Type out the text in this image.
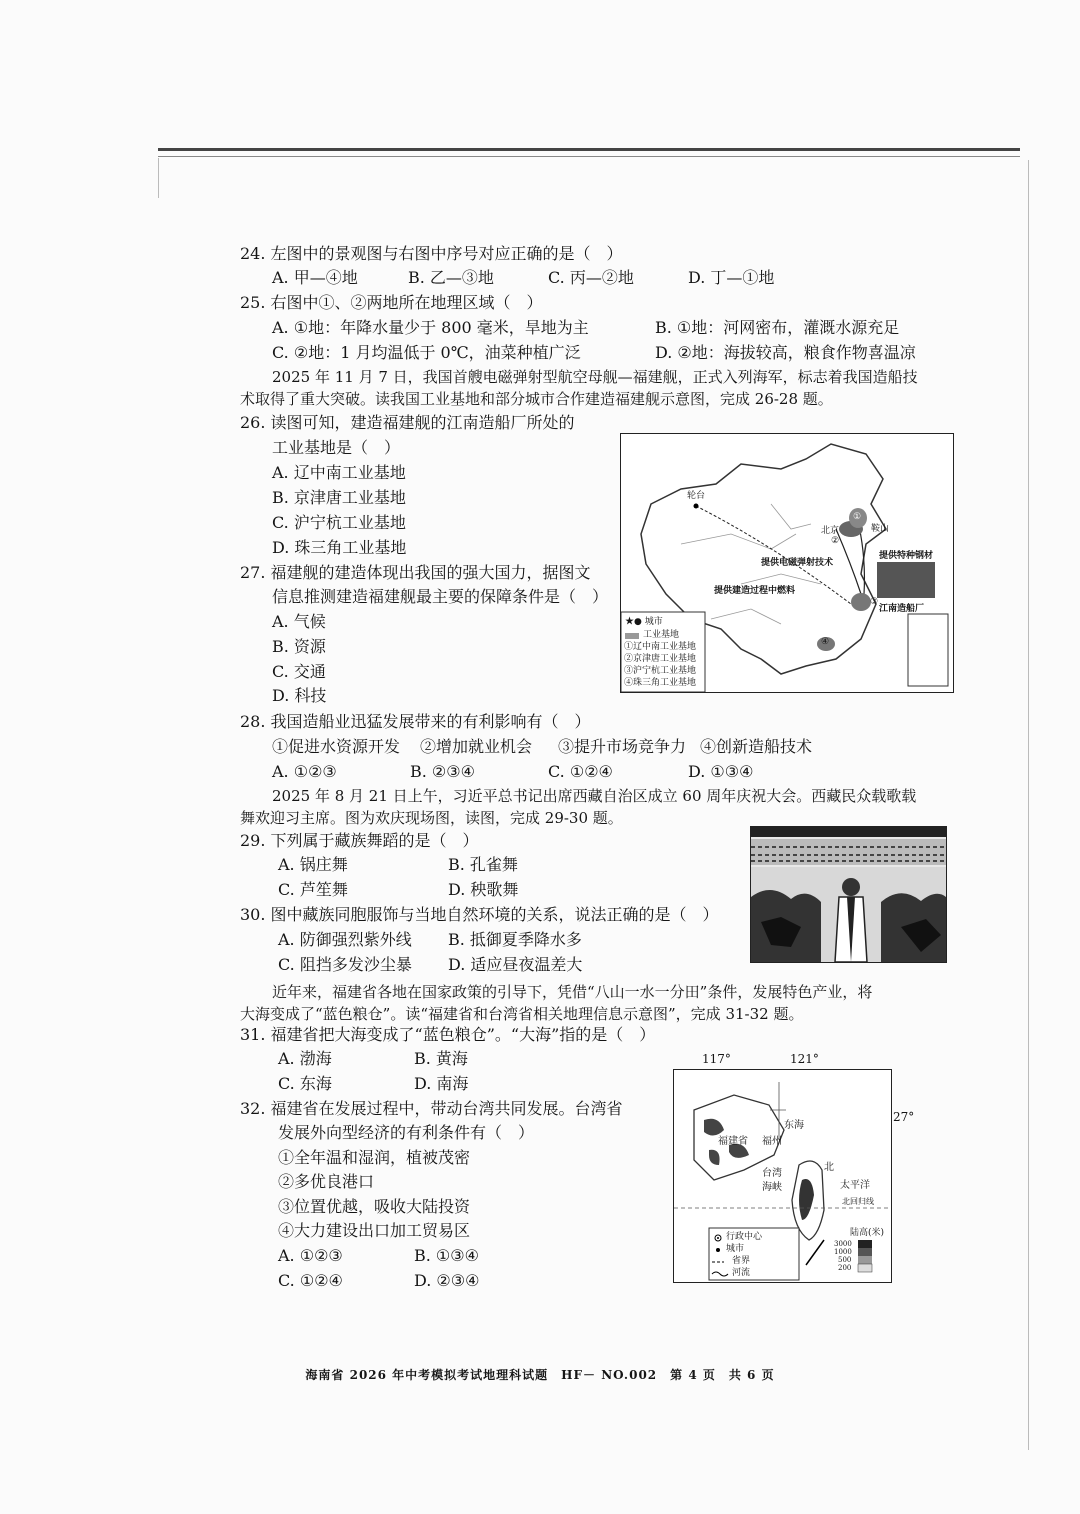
24. 左图中的景观图与右图中序号对应正确的是（　）
A. 甲—④地	B. 乙—③地	C. 丙—②地	D. 丁—①地
25. 右图中①、②两地所在地理区域（　）
A. ①地：年降水量少于 800 毫米，旱地为主	B. ①地：河网密布，灌溉水源充足
C. ②地：1 月均温低于 0℃，油菜种植广泛	D. ②地：海拔较高，粮食作物喜温凉
2025 年 11 月 7 日，我国首艘电磁弹射型航空母舰—福建舰，正式入列海军，标志着我国造船技
术取得了重大突破。读我国工业基地和部分城市合作建造福建舰示意图，完成 26-28 题。
26. 读图可知，建造福建舰的江南造船厂所处的
工业基地是（　）
A. 辽中南工业基地
B. 京津唐工业基地
C. 沪宁杭工业基地
D. 珠三角工业基地
27. 福建舰的建造体现出我国的强大国力，据图文
信息推测建造福建舰最主要的保障条件是（　）
A. 气候
B. 资源
C. 交通
D. 科技
轮台
北京	鞍山
①
②
③
④
提供电磁弹射技术
提供特种钢材
提供建造过程中燃料
江南造船厂
★● 城市
工业基地
①辽中南工业基地
②京津唐工业基地
③沪宁杭工业基地
④珠三角工业基地
28. 我国造船业迅猛发展带来的有利影响有（　）
①促进水资源开发 ②增加就业机会 ③提升市场竞争力 ④创新造船技术
A. ①②③	B. ②③④	C. ①②④	D. ①③④
2025 年 8 月 21 日上午，习近平总书记出席西藏自治区成立 60 周年庆祝大会。西藏民众载歌载
舞欢迎习主席。图为欢庆现场图，读图，完成 29-30 题。
29. 下列属于藏族舞蹈的是（　）
A. 锅庄舞	B. 孔雀舞
C. 芦笙舞	D. 秧歌舞
30. 图中藏族同胞服饰与当地自然环境的关系，说法正确的是（　）
A. 防御强烈紫外线 B. 抵御夏季降水多
C. 阻挡多发沙尘暴 D. 适应昼夜温差大
近年来，福建省各地在国家政策的引导下，凭借“八山一水一分田”条件，发展特色产业，将
大海变成了“蓝色粮仓”。读“福建省和台湾省相关地理信息示意图”，完成 31-32 题。
31. 福建省把大海变成了“蓝色粮仓”。“大海”指的是（　）
A. 渤海	B. 黄海
C. 东海	D. 南海
32. 福建省在发展过程中，带动台湾共同发展。台湾省
发展外向型经济的有利条件有（　）
①全年温和湿润，植被茂密
②多优良港口
③位置优越，吸收大陆投资
④大力建设出口加工贸易区
A. ①②③	B. ①③④
C. ①②④	D. ②③④
117°	121°
27°
福建省 福州
东海
台湾
海峡
北
太平洋
北回归线
行政中心
城市
省界
河流
陆高(米)
3000
1000
500
200
海南省 2026 年中考模拟考试地理科试题　HF－ NO.002　第 4 页　共 6 页
